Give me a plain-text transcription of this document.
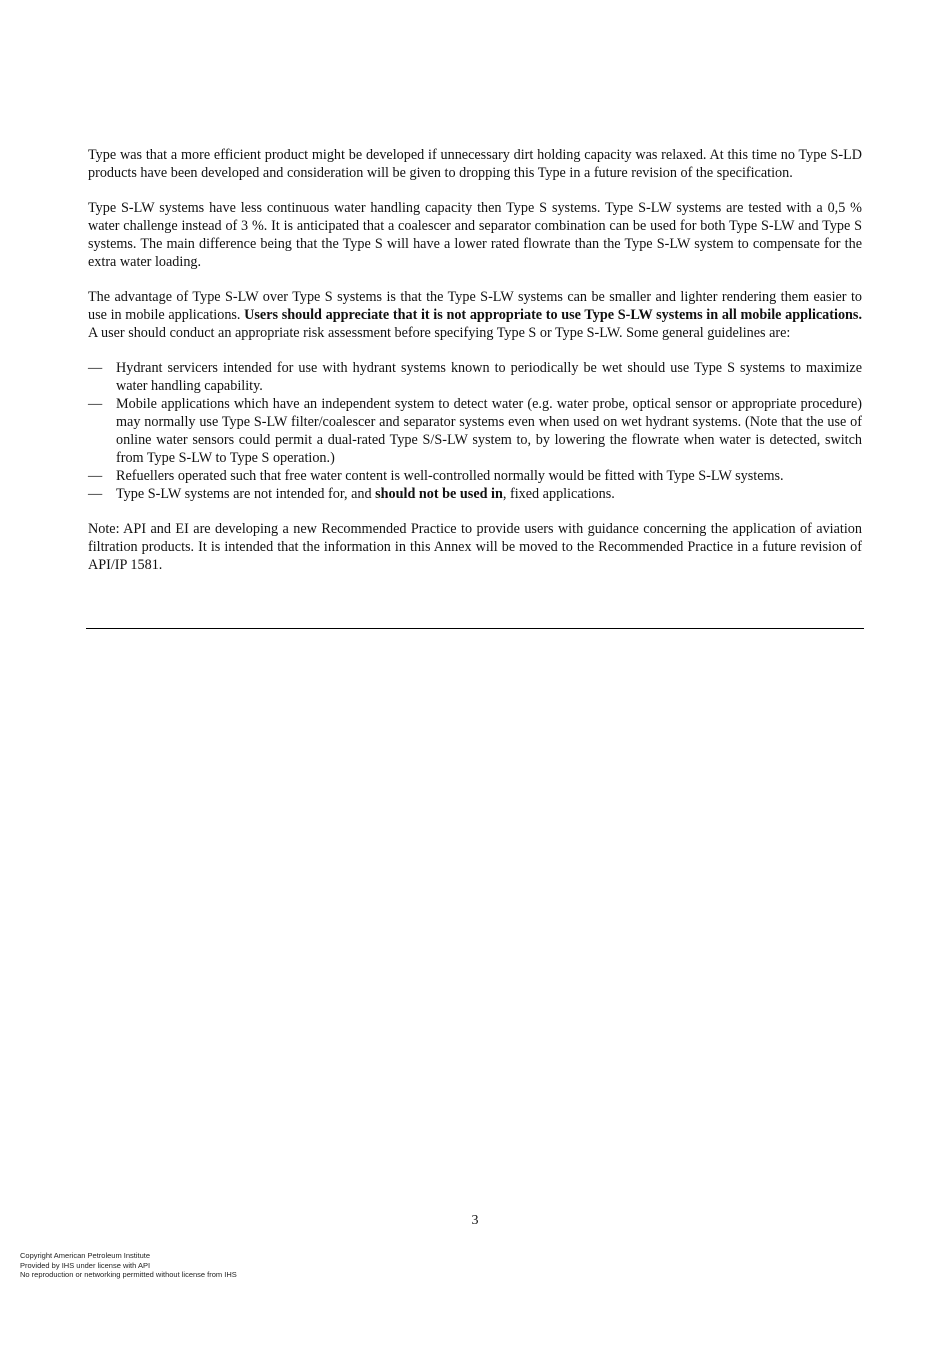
Type was that a more efficient product might be developed if unnecessary dirt holding capacity was relaxed. At this time no Type S-LD products have been developed and consideration will be given to dropping this Type in a future revision of the specification.

Type S-LW systems have less continuous water handling capacity then Type S systems. Type S-LW systems are tested with a 0,5 % water challenge instead of 3 %. It is anticipated that a coalescer and separator combination can be used for both Type S-LW and Type S systems. The main difference being that the Type S will have a lower rated flowrate than the Type S-LW system to compensate for the extra water loading.

The advantage of Type S-LW over Type S systems is that the Type S-LW systems can be smaller and lighter rendering them easier to use in mobile applications. Users should appreciate that it is not appropriate to use Type S-LW systems in all mobile applications. A user should conduct an appropriate risk assessment before specifying Type S or Type S-LW. Some general guidelines are:

— Hydrant servicers intended for use with hydrant systems known to periodically be wet should use Type S systems to maximize water handling capability.
— Mobile applications which have an independent system to detect water (e.g. water probe, optical sensor or appropriate procedure) may normally use Type S-LW filter/coalescer and separator systems even when used on wet hydrant systems. (Note that the use of online water sensors could permit a dual-rated Type S/S-LW system to, by lowering the flowrate when water is detected, switch from Type S-LW to Type S operation.)
— Refuellers operated such that free water content is well-controlled normally would be fitted with Type S-LW systems.
— Type S-LW systems are not intended for, and should not be used in, fixed applications.

Note: API and EI are developing a new Recommended Practice to provide users with guidance concerning the application of aviation filtration products. It is intended that the information in this Annex will be moved to the Recommended Practice in a future revision of API/IP 1581.

3
Copyright American Petroleum Institute
Provided by IHS under license with API
No reproduction or networking permitted without license from IHS
